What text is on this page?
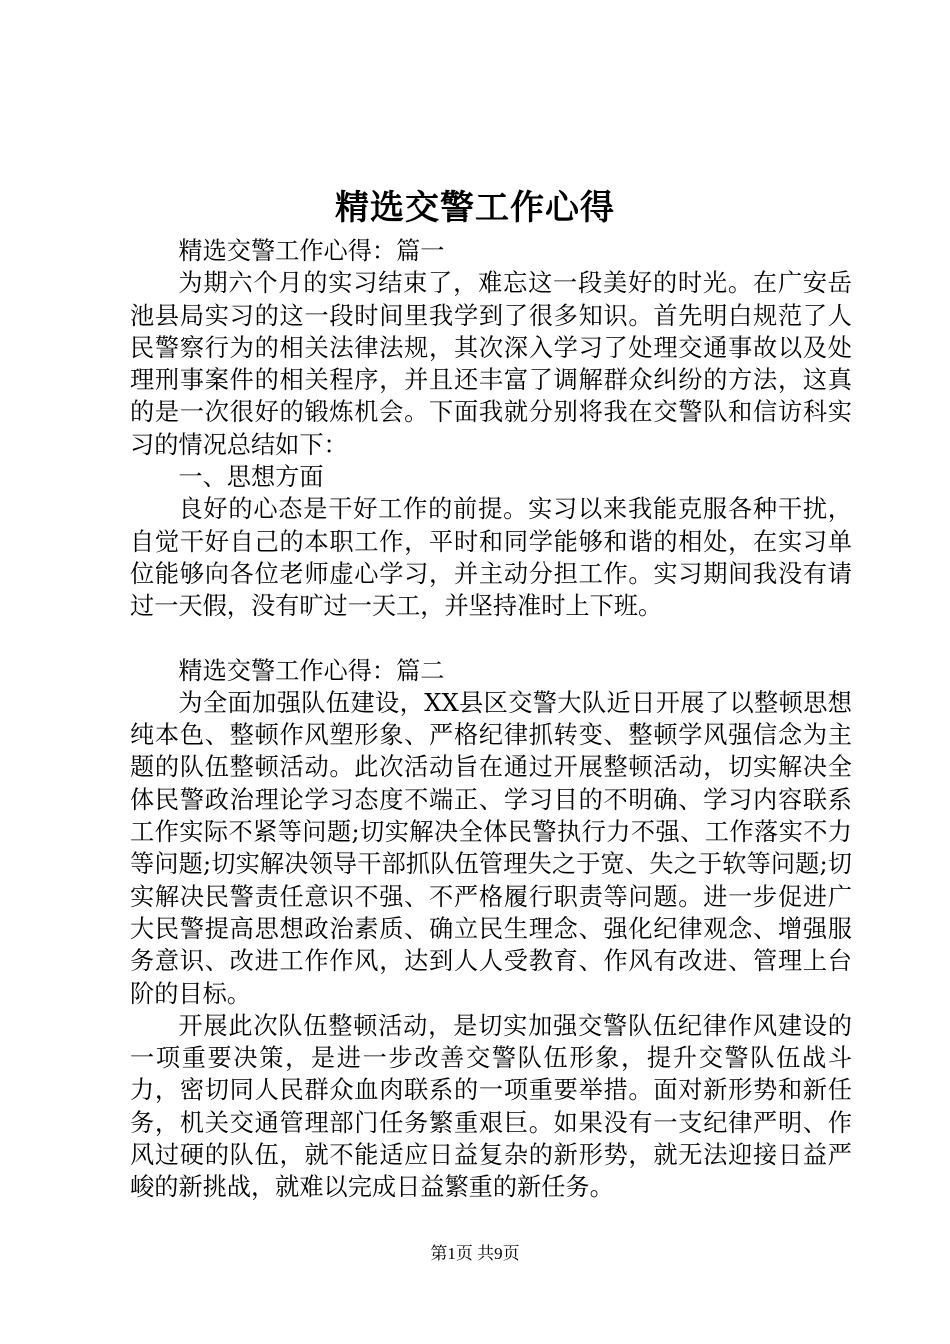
精选交警工作心得

精选交警工作心得：篇一

为期六个月的实习结束了，难忘这一段美好的时光。在广安岳池县局实习的这一段时间里我学到了很多知识。首先明白规范了人民警察行为的相关法律法规，其次深入学习了处理交通事故以及处理刑事案件的相关程序，并且还丰富了调解群众纠纷的方法，这真的是一次很好的锻炼机会。下面我就分别将我在交警队和信访科实习的情况总结如下：

一、思想方面

良好的心态是干好工作的前提。实习以来我能克服各种干扰，自觉干好自己的本职工作，平时和同学能够和谐的相处，在实习单位能够向各位老师虚心学习，并主动分担工作。实习期间我没有请过一天假，没有旷过一天工，并坚持准时上下班。

精选交警工作心得：篇二

为全面加强队伍建设，XX县区交警大队近日开展了以整顿思想纯本色、整顿作风塑形象、严格纪律抓转变、整顿学风强信念为主题的队伍整顿活动。此次活动旨在通过开展整顿活动，切实解决全体民警政治理论学习态度不端正、学习目的不明确、学习内容联系工作实际不紧等问题;切实解决全体民警执行力不强、工作落实不力等问题;切实解决领导干部抓队伍管理失之于宽、失之于软等问题;切实解决民警责任意识不强、不严格履行职责等问题。进一步促进广大民警提高思想政治素质、确立民生理念、强化纪律观念、增强服务意识、改进工作作风，达到人人受教育、作风有改进、管理上台阶的目标。

开展此次队伍整顿活动，是切实加强交警队伍纪律作风建设的一项重要决策，是进一步改善交警队伍形象，提升交警队伍战斗力，密切同人民群众血肉联系的一项重要举措。面对新形势和新任务，机关交通管理部门任务繁重艰巨。如果没有一支纪律严明、作风过硬的队伍，就不能适应日益复杂的新形势，就无法迎接日益严峻的新挑战，就难以完成日益繁重的新任务。

第1页 共9页
